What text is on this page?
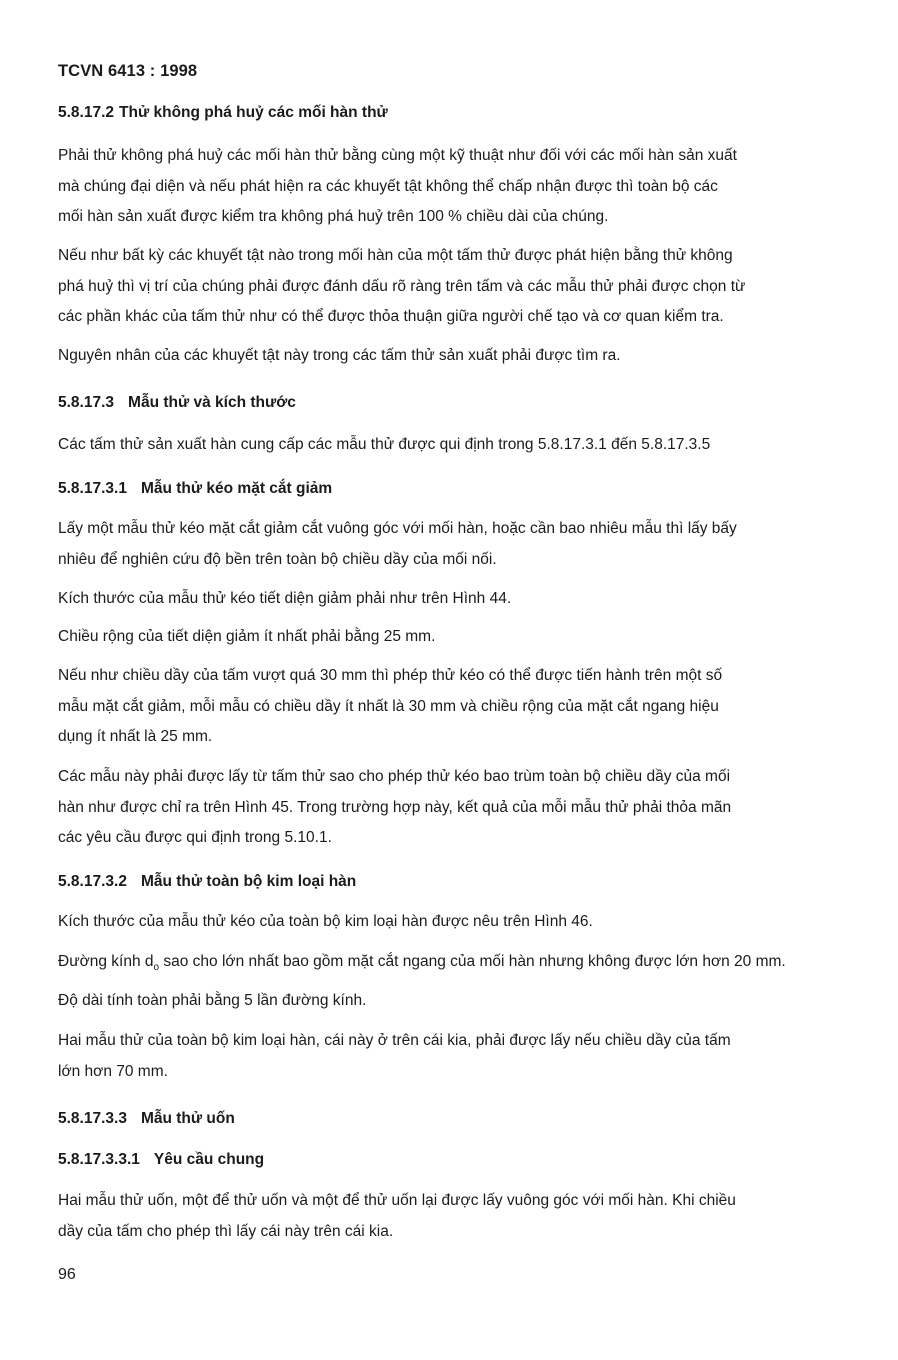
TCVN 6413 : 1998
5.8.17.2 Thử không phá huỷ các mối hàn thử

Phải thử không phá huỷ các mối hàn thử bằng cùng một kỹ thuật như đối với các mối hàn sản xuất
mà chúng đại diện và nếu phát hiện ra các khuyết tật không thể chấp nhận được thì toàn bộ các
mối hàn sản xuất được kiểm tra không phá huỷ trên 100 % chiều dài của chúng.

Nếu như bất kỳ các khuyết tật nào trong mối hàn của một tấm thử được phát hiện bằng thử không
phá huỷ thì vị trí của chúng phải được đánh dấu rõ ràng trên tấm và các mẫu thử phải được chọn từ
các phần khác của tấm thử như có thể được thỏa thuận giữa người chế tạo và cơ quan kiểm tra.

Nguyên nhân của các khuyết tật này trong các tấm thử sản xuất phải được tìm ra.

5.8.17.3 Mẫu thử và kích thước

Các tấm thử sản xuất hàn cung cấp các mẫu thử được qui định trong 5.8.17.3.1 đến 5.8.17.3.5

5.8.17.3.1 Mẫu thử kéo mặt cắt giảm

Lấy một mẫu thử kéo mặt cắt giảm cắt vuông góc với mối hàn, hoặc cần bao nhiêu mẫu thì lấy bấy
nhiêu để nghiên cứu độ bền trên toàn bộ chiều dầy của mối nối.

Kích thước của mẫu thử kéo tiết diện giảm phải như trên Hình 44.

Chiều rộng của tiết diện giảm ít nhất phải bằng 25 mm.

Nếu như chiều dầy của tấm vượt quá 30 mm thì phép thử kéo có thể được tiến hành trên một số
mẫu mặt cắt giảm, mỗi mẫu có chiều dầy ít nhất là 30 mm và chiều rộng của mặt cắt ngang hiệu
dụng ít nhất là 25 mm.

Các mẫu này phải được lấy từ tấm thử sao cho phép thử kéo bao trùm toàn bộ chiều dầy của mối
hàn như được chỉ ra trên Hình 45. Trong trường hợp này, kết quả của mỗi mẫu thử phải thỏa mãn
các yêu cầu được qui định trong 5.10.1.

5.8.17.3.2 Mẫu thử toàn bộ kim loại hàn

Kích thước của mẫu thử kéo của toàn bộ kim loại hàn được nêu trên Hình 46.

Đường kính $d_o$ sao cho lớn nhất bao gồm mặt cắt ngang của mối hàn nhưng không được lớn hơn 20 mm.

Độ dài tính toàn phải bằng 5 lần đường kính.

Hai mẫu thử của toàn bộ kim loại hàn, cái này ở trên cái kia, phải được lấy nếu chiều dầy của tấm
lớn hơn 70 mm.

5.8.17.3.3 Mẫu thử uốn
5.8.17.3.3.1 Yêu cầu chung

Hai mẫu thử uốn, một để thử uốn và một để thử uốn lại được lấy vuông góc với mối hàn. Khi chiều
dầy của tấm cho phép thì lấy cái này trên cái kia.

96
